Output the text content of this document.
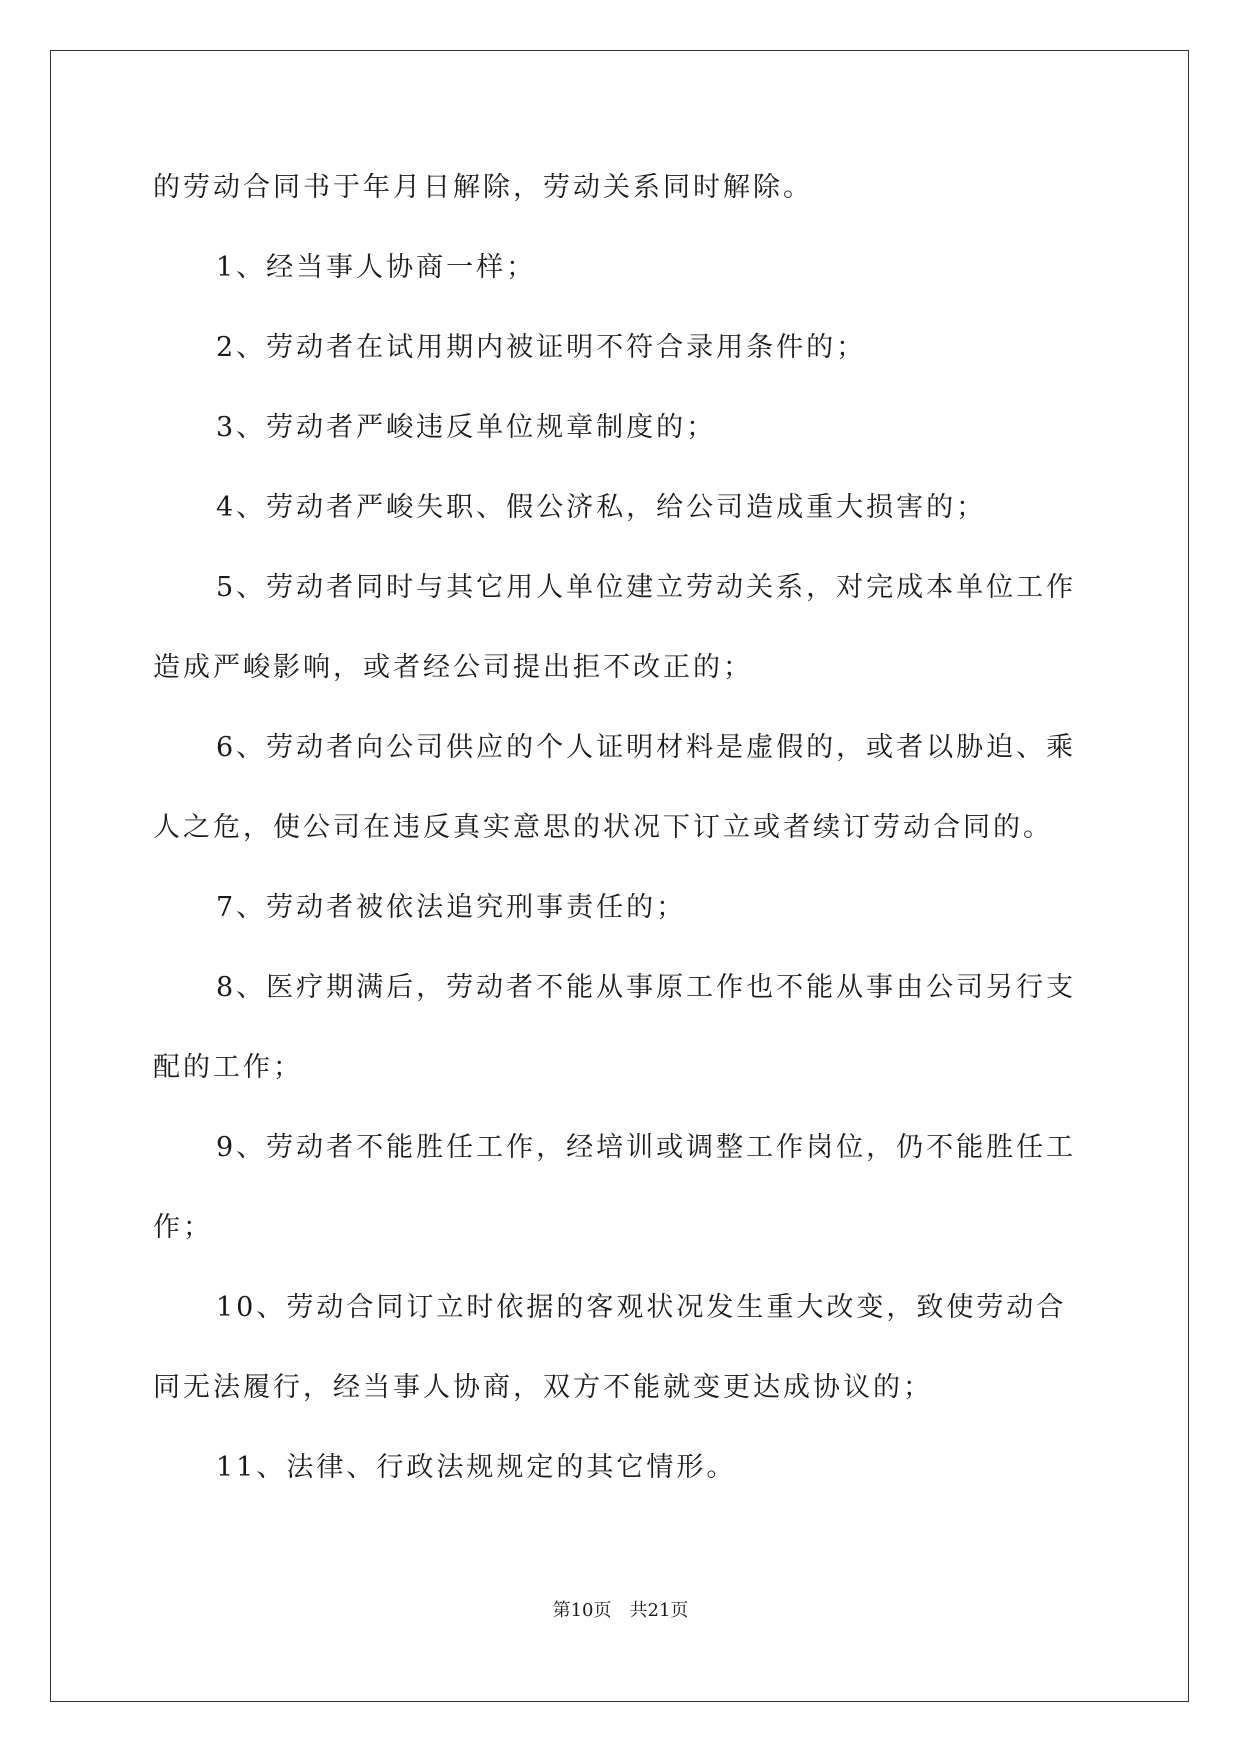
的劳动合同书于年月日解除，劳动关系同时解除。
1、经当事人协商一样；
2、劳动者在试用期内被证明不符合录用条件的；
3、劳动者严峻违反单位规章制度的；
4、劳动者严峻失职、假公济私，给公司造成重大损害的；
5、劳动者同时与其它用人单位建立劳动关系，对完成本单位工作
造成严峻影响，或者经公司提出拒不改正的；
6、劳动者向公司供应的个人证明材料是虚假的，或者以胁迫、乘
人之危，使公司在违反真实意思的状况下订立或者续订劳动合同的。
7、劳动者被依法追究刑事责任的；
8、医疗期满后，劳动者不能从事原工作也不能从事由公司另行支
配的工作；
9、劳动者不能胜任工作，经培训或调整工作岗位，仍不能胜任工
作；
10、劳动合同订立时依据的客观状况发生重大改变，致使劳动合
同无法履行，经当事人协商，双方不能就变更达成协议的；
11、法律、行政法规规定的其它情形。
第10页 共21页
